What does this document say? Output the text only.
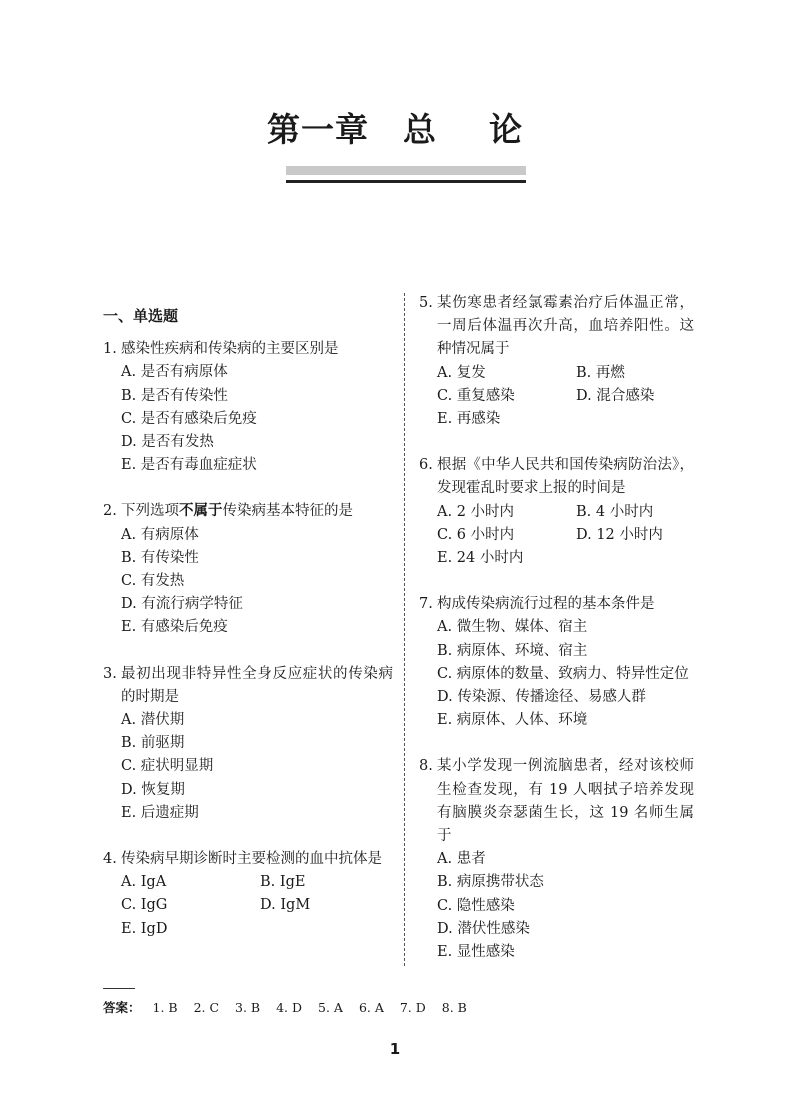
第一章 总 论
一、单选题
1. 感染性疾病和传染病的主要区别是
A. 是否有病原体
B. 是否有传染性
C. 是否有感染后免疫
D. 是否有发热
E. 是否有毒血症症状
2. 下列选项不属于传染病基本特征的是
A. 有病原体
B. 有传染性
C. 有发热
D. 有流行病学特征
E. 有感染后免疫
3. 最初出现非特异性全身反应症状的传染病的时期是
A. 潜伏期
B. 前驱期
C. 症状明显期
D. 恢复期
E. 后遗症期
4. 传染病早期诊断时主要检测的血中抗体是
A. IgA	B. IgE
C. IgG	D. IgM
E. IgD
5. 某伤寒患者经氯霉素治疗后体温正常，一周后体温再次升高，血培养阳性。这种情况属于
A. 复发	B. 再燃
C. 重复感染	D. 混合感染
E. 再感染
6. 根据《中华人民共和国传染病防治法》，发现霍乱时要求上报的时间是
A. 2 小时内	B. 4 小时内
C. 6 小时内	D. 12 小时内
E. 24 小时内
7. 构成传染病流行过程的基本条件是
A. 微生物、媒体、宿主
B. 病原体、环境、宿主
C. 病原体的数量、致病力、特异性定位
D. 传染源、传播途径、易感人群
E. 病原体、人体、环境
8. 某小学发现一例流脑患者，经对该校师生检查发现，有 19 人咽拭子培养发现有脑膜炎奈瑟菌生长，这 19 名师生属于
A. 患者
B. 病原携带状态
C. 隐性感染
D. 潜伏性感染
E. 显性感染
答案： 1. B 2. C 3. B 4. D 5. A 6. A 7. D 8. B
1
